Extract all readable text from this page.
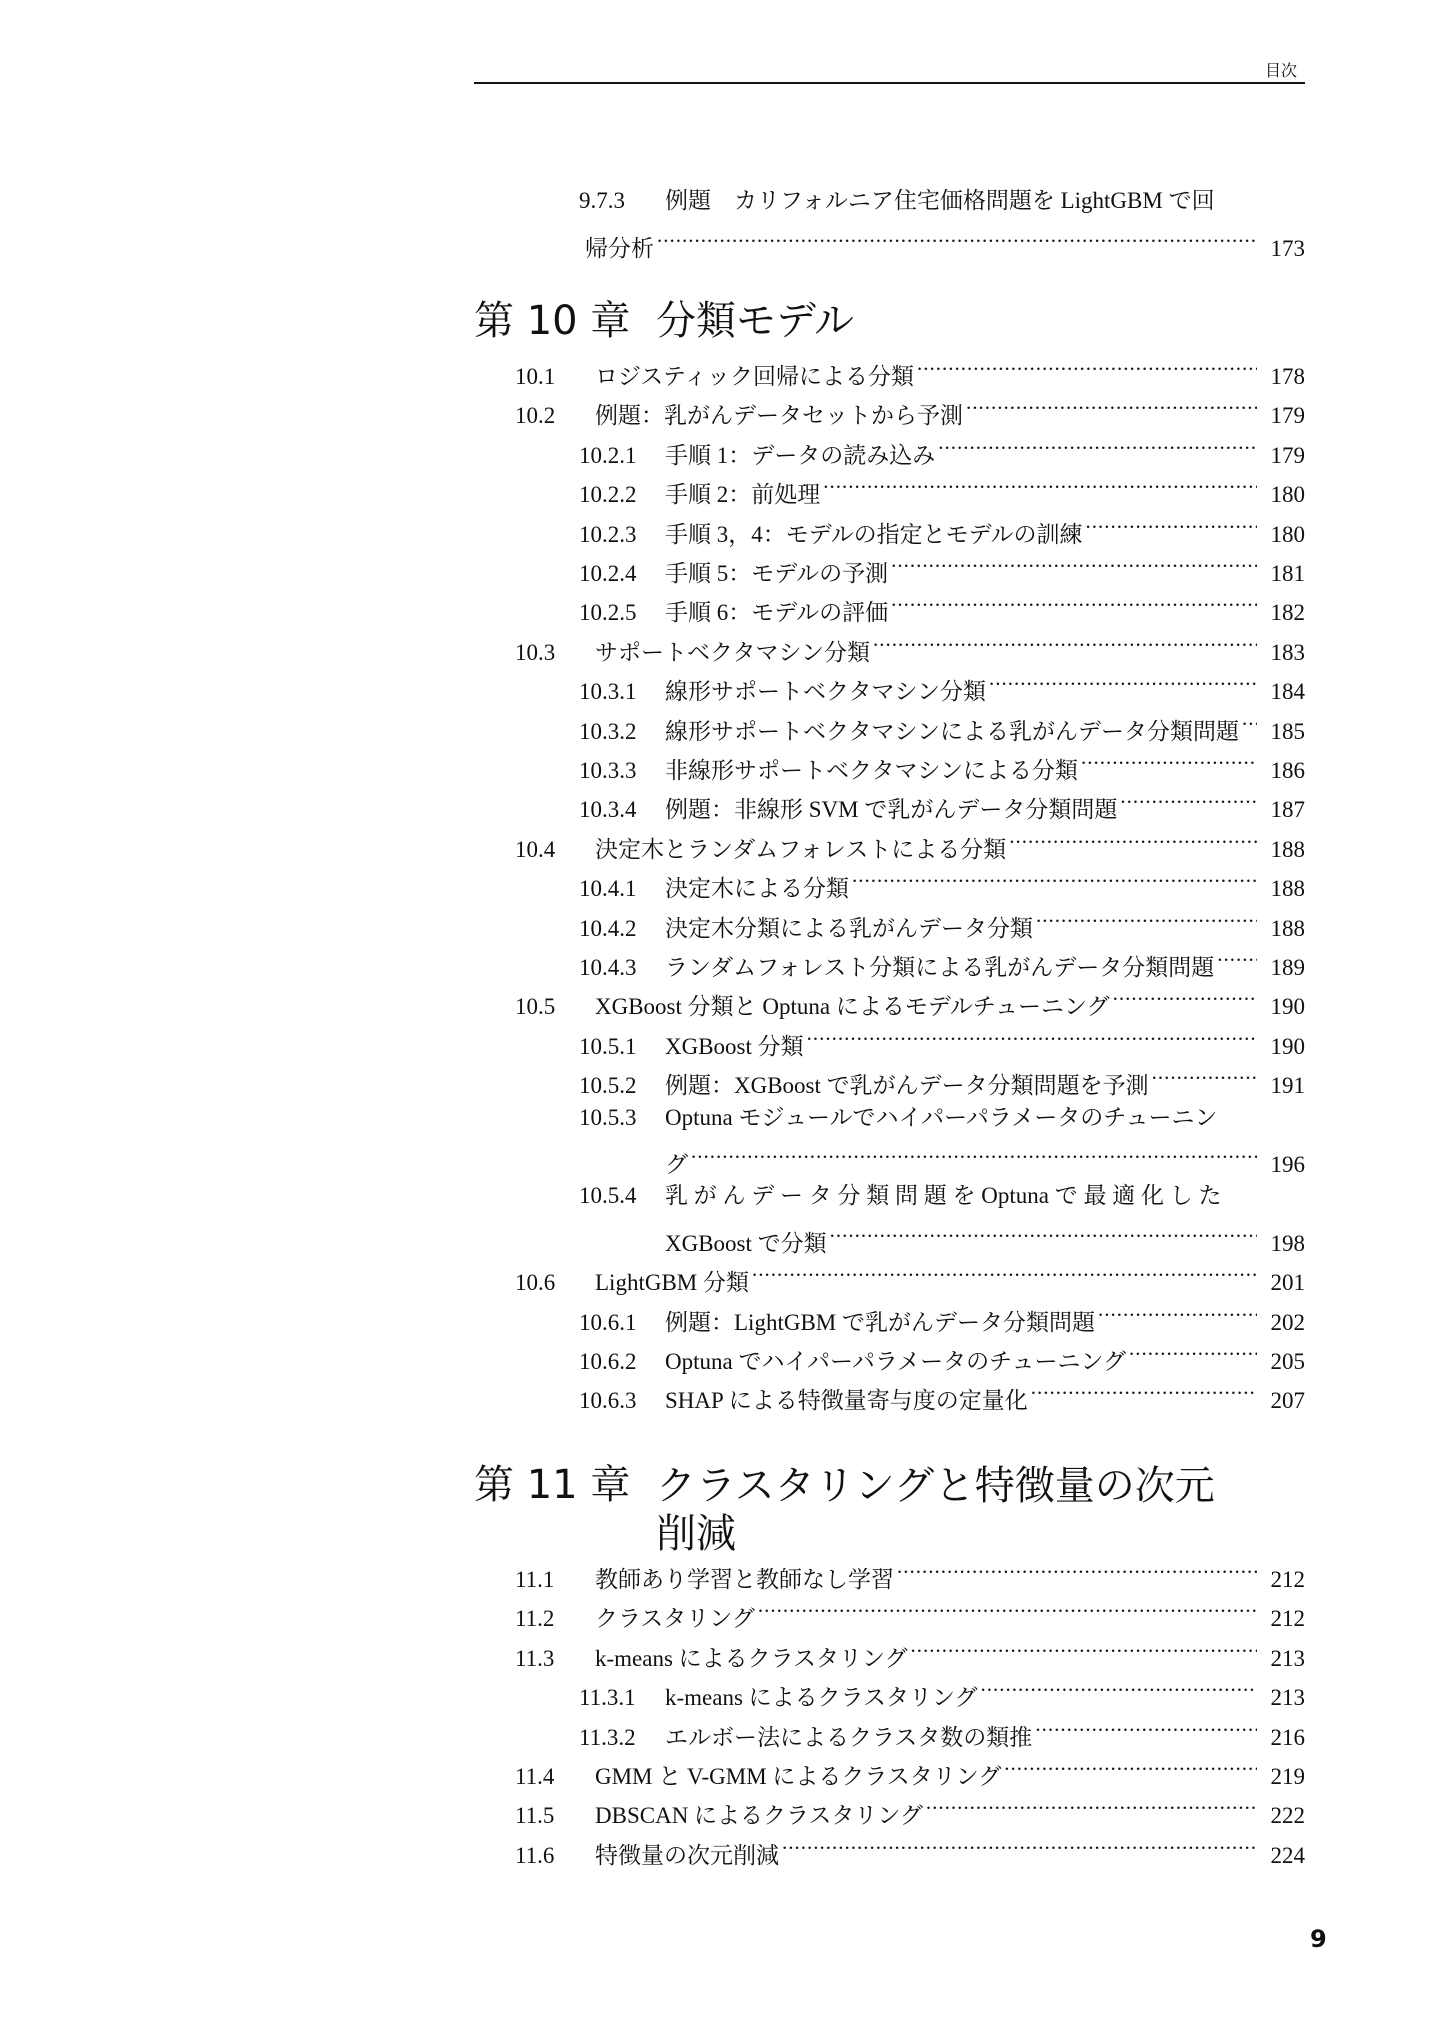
目次
9.7.3	例題　カリフォルニア住宅価格問題を LightGBM で回
帰分析 .....	173
第 10 章 分類モデル
10.1	ロジスティック回帰による分類 .....	178
10.2	例題：乳がんデータセットから予測 .....	179
10.2.1	手順 1：データの読み込み .....	179
10.2.2	手順 2：前処理 .....	180
10.2.3	手順 3，4：モデルの指定とモデルの訓練 .....	180
10.2.4	手順 5：モデルの予測 .....	181
10.2.5	手順 6：モデルの評価 .....	182
10.3	サポートベクタマシン分類 .....	183
10.3.1	線形サポートベクタマシン分類 .....	184
10.3.2	線形サポートベクタマシンによる乳がんデータ分類問題 ..... 185
10.3.3	非線形サポートベクタマシンによる分類 .....	186
10.3.4	例題：非線形 SVM で乳がんデータ分類問題 .....	187
10.4	決定木とランダムフォレストによる分類 .....	188
10.4.1	決定木による分類 .....	188
10.4.2	決定木分類による乳がんデータ分類 .....	188
10.4.3	ランダムフォレスト分類による乳がんデータ分類問題 ..... 189
10.5	XGBoost 分類と Optuna によるモデルチューニング .....	190
10.5.1	XGBoost 分類 .....	190
10.5.2	例題：XGBoost で乳がんデータ分類問題を予測 .....	191
10.5.3	Optuna モジュールでハイパーパラメータのチューニン
グ .....	196
10.5.4	乳 が ん デ ー タ 分 類 問 題 を Optuna で 最 適 化 し た
XGBoost で分類 .....	198
10.6	LightGBM 分類 .....	201
10.6.1	例題：LightGBM で乳がんデータ分類問題 .....	202
10.6.2	Optuna でハイパーパラメータのチューニング .....	205
10.6.3	SHAP による特徴量寄与度の定量化 .....	207
第 11 章 クラスタリングと特徴量の次元
削減
11.1	教師あり学習と教師なし学習 .....	212
11.2	クラスタリング .....	212
11.3	k-means によるクラスタリング .....	213
11.3.1	k-means によるクラスタリング .....	213
11.3.2	エルボー法によるクラスタ数の類推 .....	216
11.4	GMM と V-GMM によるクラスタリング .....	219
11.5	DBSCAN によるクラスタリング .....	222
11.6	特徴量の次元削減 .....	224
9
